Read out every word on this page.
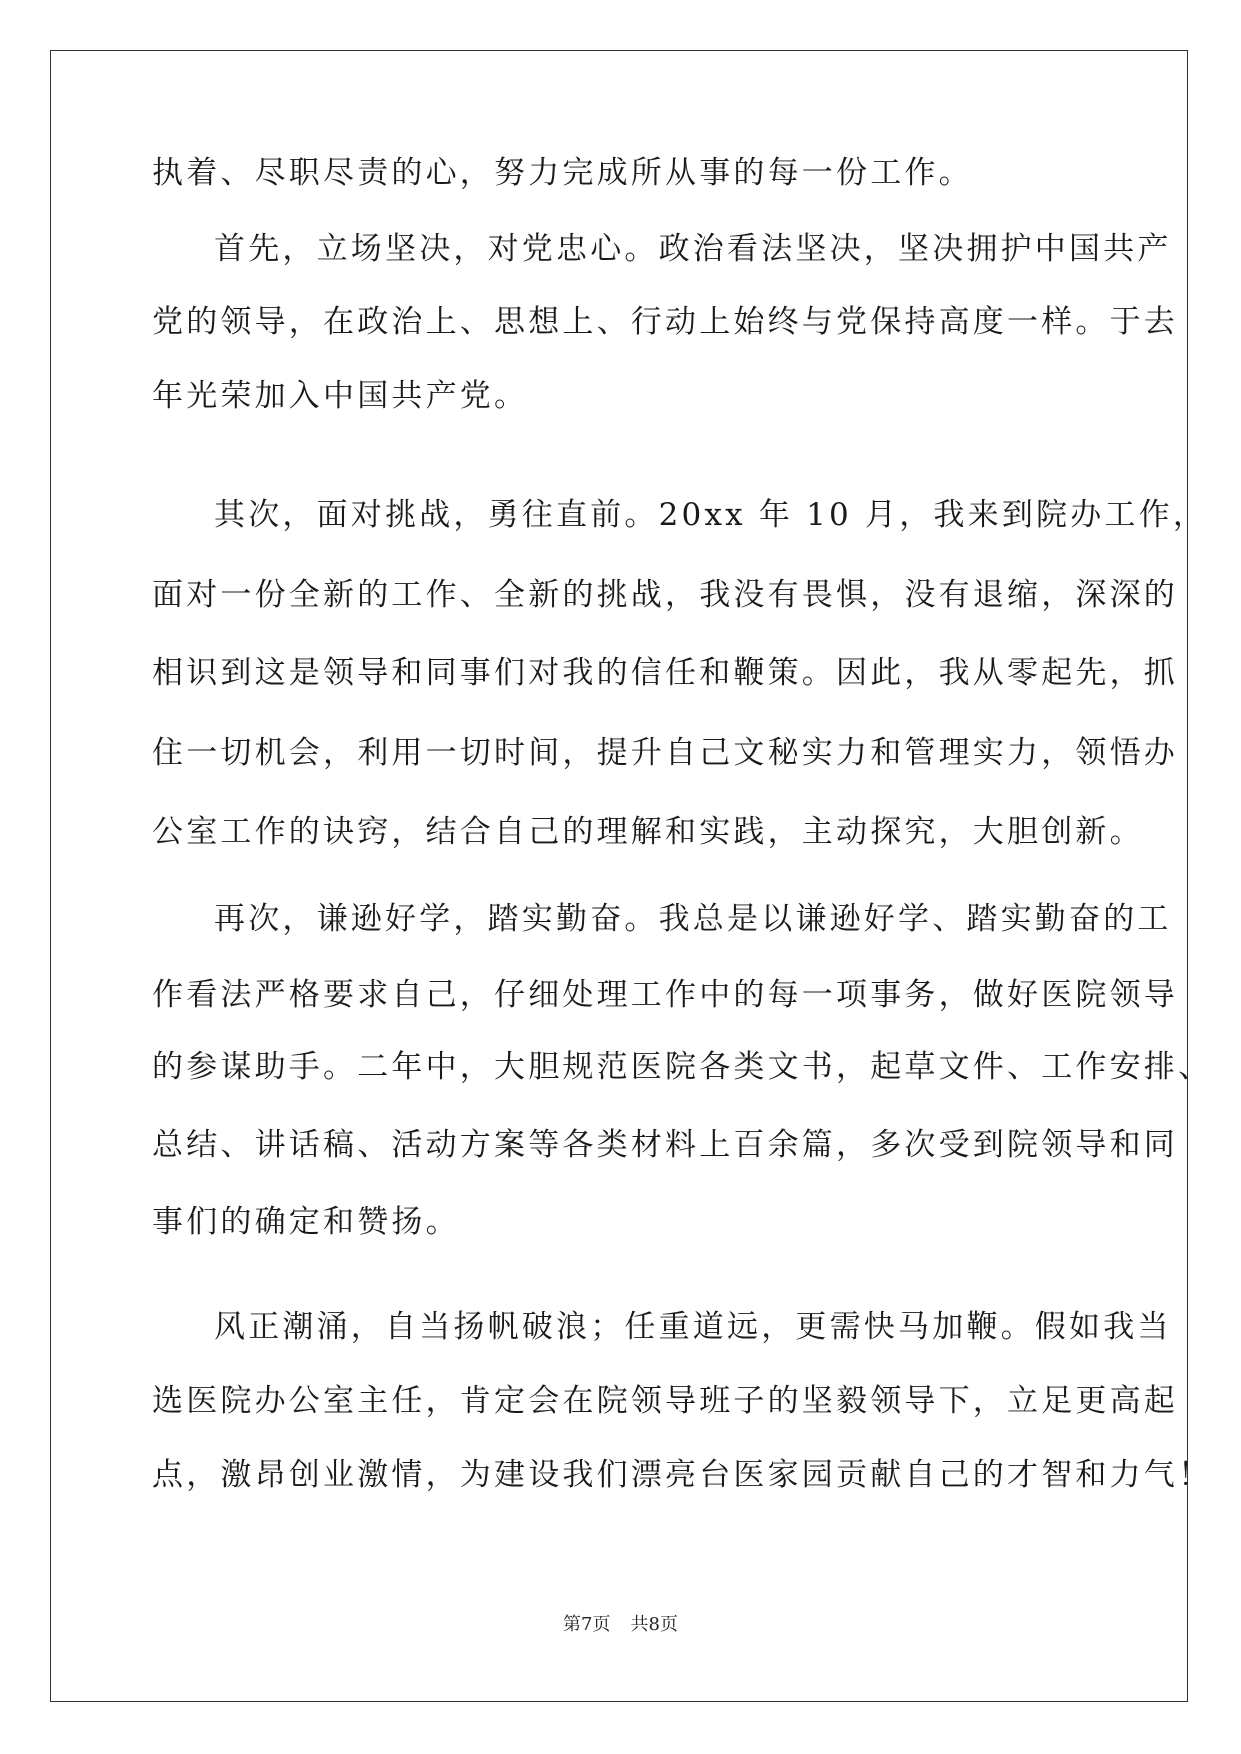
执着、尽职尽责的心，努力完成所从事的每一份工作。
首先，立场坚决，对党忠心。政治看法坚决，坚决拥护中国共产
党的领导，在政治上、思想上、行动上始终与党保持高度一样。于去
年光荣加入中国共产党。
其次，面对挑战，勇往直前。20xx 年 10 月，我来到院办工作，
面对一份全新的工作、全新的挑战，我没有畏惧，没有退缩，深深的
相识到这是领导和同事们对我的信任和鞭策。因此，我从零起先，抓
住一切机会，利用一切时间，提升自己文秘实力和管理实力，领悟办
公室工作的诀窍，结合自己的理解和实践，主动探究，大胆创新。
再次，谦逊好学，踏实勤奋。我总是以谦逊好学、踏实勤奋的工
作看法严格要求自己，仔细处理工作中的每一项事务，做好医院领导
的参谋助手。二年中，大胆规范医院各类文书，起草文件、工作安排、
总结、讲话稿、活动方案等各类材料上百余篇，多次受到院领导和同
事们的确定和赞扬。
风正潮涌，自当扬帆破浪；任重道远，更需快马加鞭。假如我当
选医院办公室主任，肯定会在院领导班子的坚毅领导下，立足更高起
点，激昂创业激情，为建设我们漂亮台医家园贡献自己的才智和力气！
第7页 共8页
